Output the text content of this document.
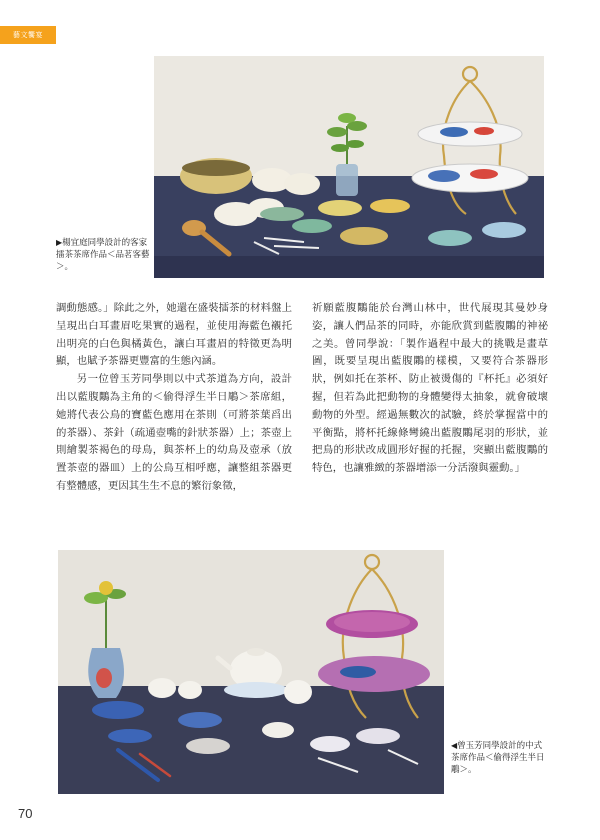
藝文饗宴
▶楊宜庭同學設計的客家擂茶茶席作品＜品茗客藝＞。

調動態感。」除此之外，她還在盛裝擂茶的材料盤上呈現出白耳畫眉吃果實的過程，並使用海藍色襯托出明亮的白色與橘黃色，讓白耳畫眉的特徵更為明顯，也賦予茶器更豐富的生態內涵。

另一位曾玉芳同學則以中式茶道為方向，設計出以藍腹鷴為主角的＜偷得浮生半日鵰＞茶席組，她將代表公鳥的寶藍色應用在茶則（可將茶葉舀出的茶器）、茶針（疏通壺嘴的針狀茶器）上；茶壺上則繪製茶褐色的母鳥，與茶杯上的幼鳥及壺承（放置茶壺的器皿）上的公鳥互相呼應，讓整組茶器更有整體感，更因其生生不息的繁衍象徵，

祈願藍腹鷴能於台灣山林中，世代展現其曼妙身姿，讓人們品茶的同時，亦能欣賞到藍腹鷴的神祕之美。曾同學說：「製作過程中最大的挑戰是畫草圖，既要呈現出藍腹鷴的樣模，又要符合茶器形狀，例如托在茶杯、防止被燙傷的『杯托』必須好握，但若為此把動物的身體變得太抽象，就會破壞動物的外型。經過無數次的試驗，終於掌握當中的平衡點，將杯托線條彎繞出藍腹鷴尾羽的形狀，並把鳥的形狀改成圓形好握的托握，突顯出藍腹鷴的特色，也讓雅緻的茶器增添一分活潑與靈動。」

◀曾玉芳同學設計的中式茶席作品＜偷得浮生半日鵰＞。
70
